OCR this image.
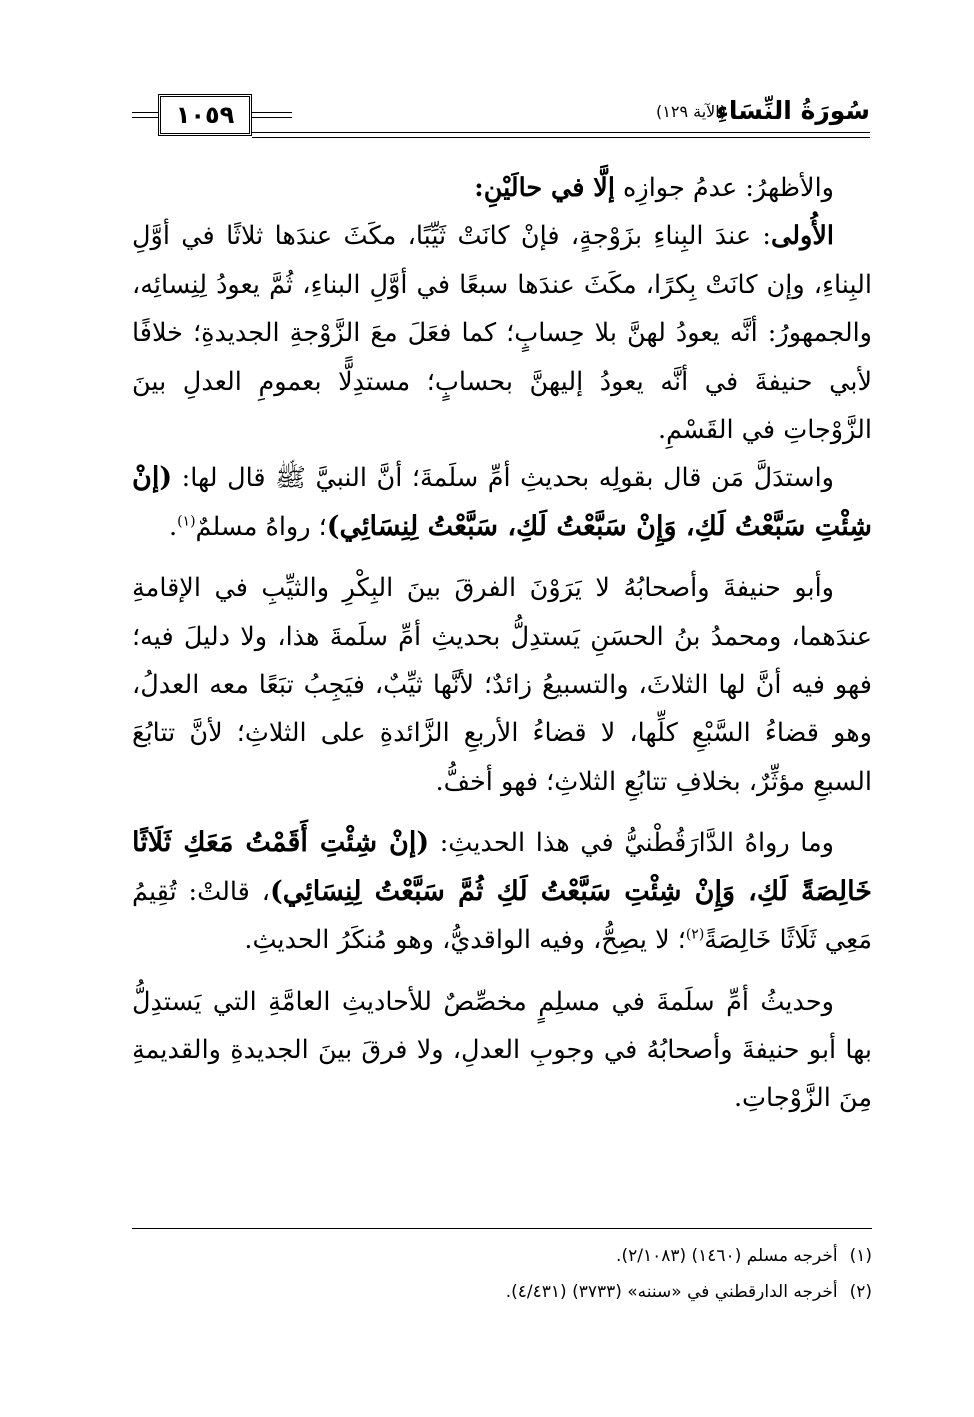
١٠٥٩	سُورَةُ النِّسَاءِ
(الآية ١٢٩)

والأظهرُ: عدمُ جوازِه إلَّا في حالَيْنِ:

الأُولى: عندَ البِناءِ بزَوْجةٍ، فإنْ كانَتْ ثَيِّبًا، مكَثَ عندَها ثلاثًا في أوَّلِ البِناءِ، وإن كانَتْ بِكرًا، مكَثَ عندَها سبعًا في أوَّلِ البناءِ، ثُمَّ يعودُ لِنِسائِه، والجمهورُ: أنَّه يعودُ لهنَّ بلا حِسابٍ؛ كما فعَلَ معَ الزَّوْجةِ الجديدةِ؛ خلافًا لأبي حنيفةَ في أنَّه يعودُ إليهنَّ بحسابٍ؛ مستدِلًّا بعمومِ العدلِ بينَ الزَّوْجاتِ في القَسْمِ.

واستدَلَّ مَن قال بقولِه بحديثِ أمِّ سلَمةَ؛ أنَّ النبيَّ ﷺ قال لها: (إنْ شِئْتِ سَبَّعْتُ لَكِ، وَإِنْ سَبَّعْتُ لَكِ، سَبَّعْتُ لِنِسَائِي)؛ رواهُ مسلمٌ$^{(١)}$.

وأبو حنيفةَ وأصحابُهُ لا يَرَوْنَ الفرقَ بينَ البِكْرِ والثيِّبِ في الإقامةِ عندَهما، ومحمدُ بنُ الحسَنِ يَستدِلُّ بحديثِ أمِّ سلَمةَ هذا، ولا دليلَ فيه؛ فهو فيه أنَّ لها الثلاثَ، والتسبيعُ زائدٌ؛ لأنَّها ثيِّبٌ، فيَجِبُ تبَعًا معه العدلُ، وهو قضاءُ السَّبْعِ كلِّها، لا قضاءُ الأربعِ الزَّائدةِ على الثلاثِ؛ لأنَّ تتابُعَ السبعِ مؤثِّرٌ، بخلافِ تتابُعِ الثلاثِ؛ فهو أخفُّ.

وما رواهُ الدَّارَقُطْنيُّ في هذا الحديثِ: (إنْ شِئْتِ أَقَمْتُ مَعَكِ ثَلَاثًا خَالِصَةً لَكِ، وَإِنْ شِئْتِ سَبَّعْتُ لَكِ ثُمَّ سَبَّعْتُ لِنِسَائِي)، قالتْ: تُقِيمُ مَعِي ثَلَاثًا خَالِصَةً$^{(٢)}$؛ لا يصِحُّ، وفيه الواقديُّ، وهو مُنكَرُ الحديثِ.

وحديثُ أمِّ سلَمةَ في مسلِمٍ مخصِّصٌ للأحاديثِ العامَّةِ التي يَستدِلُّ بها أبو حنيفةَ وأصحابُهُ في وجوبِ العدلِ، ولا فرقَ بينَ الجديدةِ والقديمةِ مِنَ الزَّوْجاتِ.

(١)أخرجه مسلم (١٤٦٠) (٢/١٠٨٣).

(٢)أخرجه الدارقطني في «سننه» (٣٧٣٣) (٤/٤٣١).
